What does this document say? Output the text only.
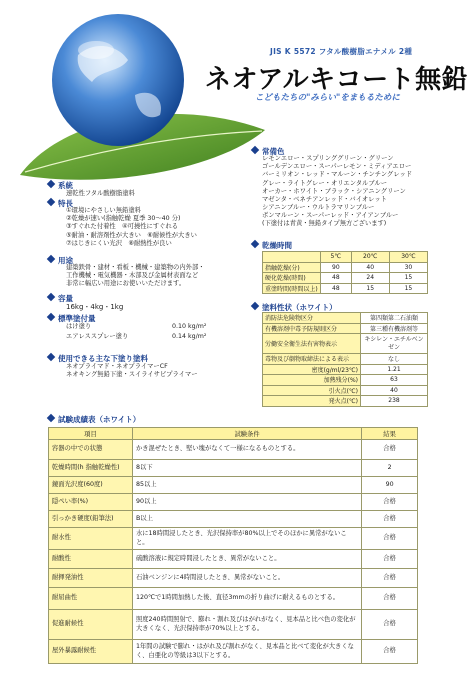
JIS K 5572 フタル酸樹脂エナメル 2種
ネオアルキコート無鉛
こどもたちの"みらい"をまもるために
系統
速乾性フタル酸樹脂塗料
特長
①環境にやさしい無鉛塗料
②乾燥が速い(指触乾燥 夏季 30～40 分)
③すぐれた付着性　④可撓性にすぐれる
⑤耐油・耐溶剤性が大きい　⑥耐候性が大きい
⑦はじきにくい光沢　⑧耐熱性が良い
用途
建築鉄骨・建材・看板・機械・建築物の内外部・
工作機械・電気機器・木部及び金属材表面など
非常に幅広い用途にお使いいただけます。
容量
16kg・4kg・1kg
標準塗付量
はけ塗り	0.10 kg/m²
エアレススプレー塗り	0.14 kg/m²
使用できる主な下塗り塗料
ネオプライマド・ネオプライマーCF
ネオキング無鉛下塗・スイライサビプライマー
常備色
レモンエロー・スプリンググリーン・グリーン
ゴールデンエロー・スーパーレモン・ミディアエロー
バーミリオン・レッド・マルーン・チンチングレッド
グレー・ライトグレー・オリエンタルブルー
オーカー・ホワイト・ブラック・シアニングリーン
マゼンタ・ベネチアンレッド・バイオレット
シアニンブルー・ウルトラマリンブルー
ボンマルーン・スーパーレッド・アイアンブルー
(下塗付は青黄・無鉛タイプ無方ございます)
乾燥時間
	5℃	20℃	30℃
指触乾燥(分)	90	40	30
硬化乾燥(時間)	48	24	15
重塗時間(時間以上)	48	15	15
塗料性状（ホワイト）
消防法危険物区分	第四類第二石油類
有機溶剤中毒予防規則区分	第三種有機溶剤等
労働安全衛生法有害物表示	キシレン・エチルベンゼン
毒物及び劇物取締法による表示	なし
密度(g/ml/23℃)	1.21
加熱残分(%)	63
引火点(℃)	40
発火点(℃)	238
試験成績表（ホワイト）
項目	試験条件	結果
容器の中での状態	かき混ぜたとき、堅い塊がなくて一様になるものとする。	合格
乾燥時間(h 指触乾燥性)	8以下	2
鏡面光沢度(60度)	85以上	90
隠ぺい率(%)	90以上	合格
引っかき硬度(鉛筆法)	B以上	合格
耐水性	水に18時間浸したとき、光沢保持率が80%以上でそのほかに異常がないこと。	合格
耐酸性	硫酸溶液に規定時間浸したとき、異常がないこと。	合格
耐揮発油性	石油ベンジンに4時間浸したとき、異常がないこと。	合格
耐屈曲性	120℃で1時間加熱した後、直径3mmの折り曲げに耐えるものとする。	合格
促進耐候性	照度240時間照射で、膨れ・割れ及びはがれがなく、見本品と比べ色の変化が大きくなく、光沢保持率が70%以上とする。	合格
屋外暴露耐候性	1年間の試験で膨れ・はがれ及び割れがなく、見本品と比べて変化が大きくなく、白亜化の等級は3以下とする。	合格
